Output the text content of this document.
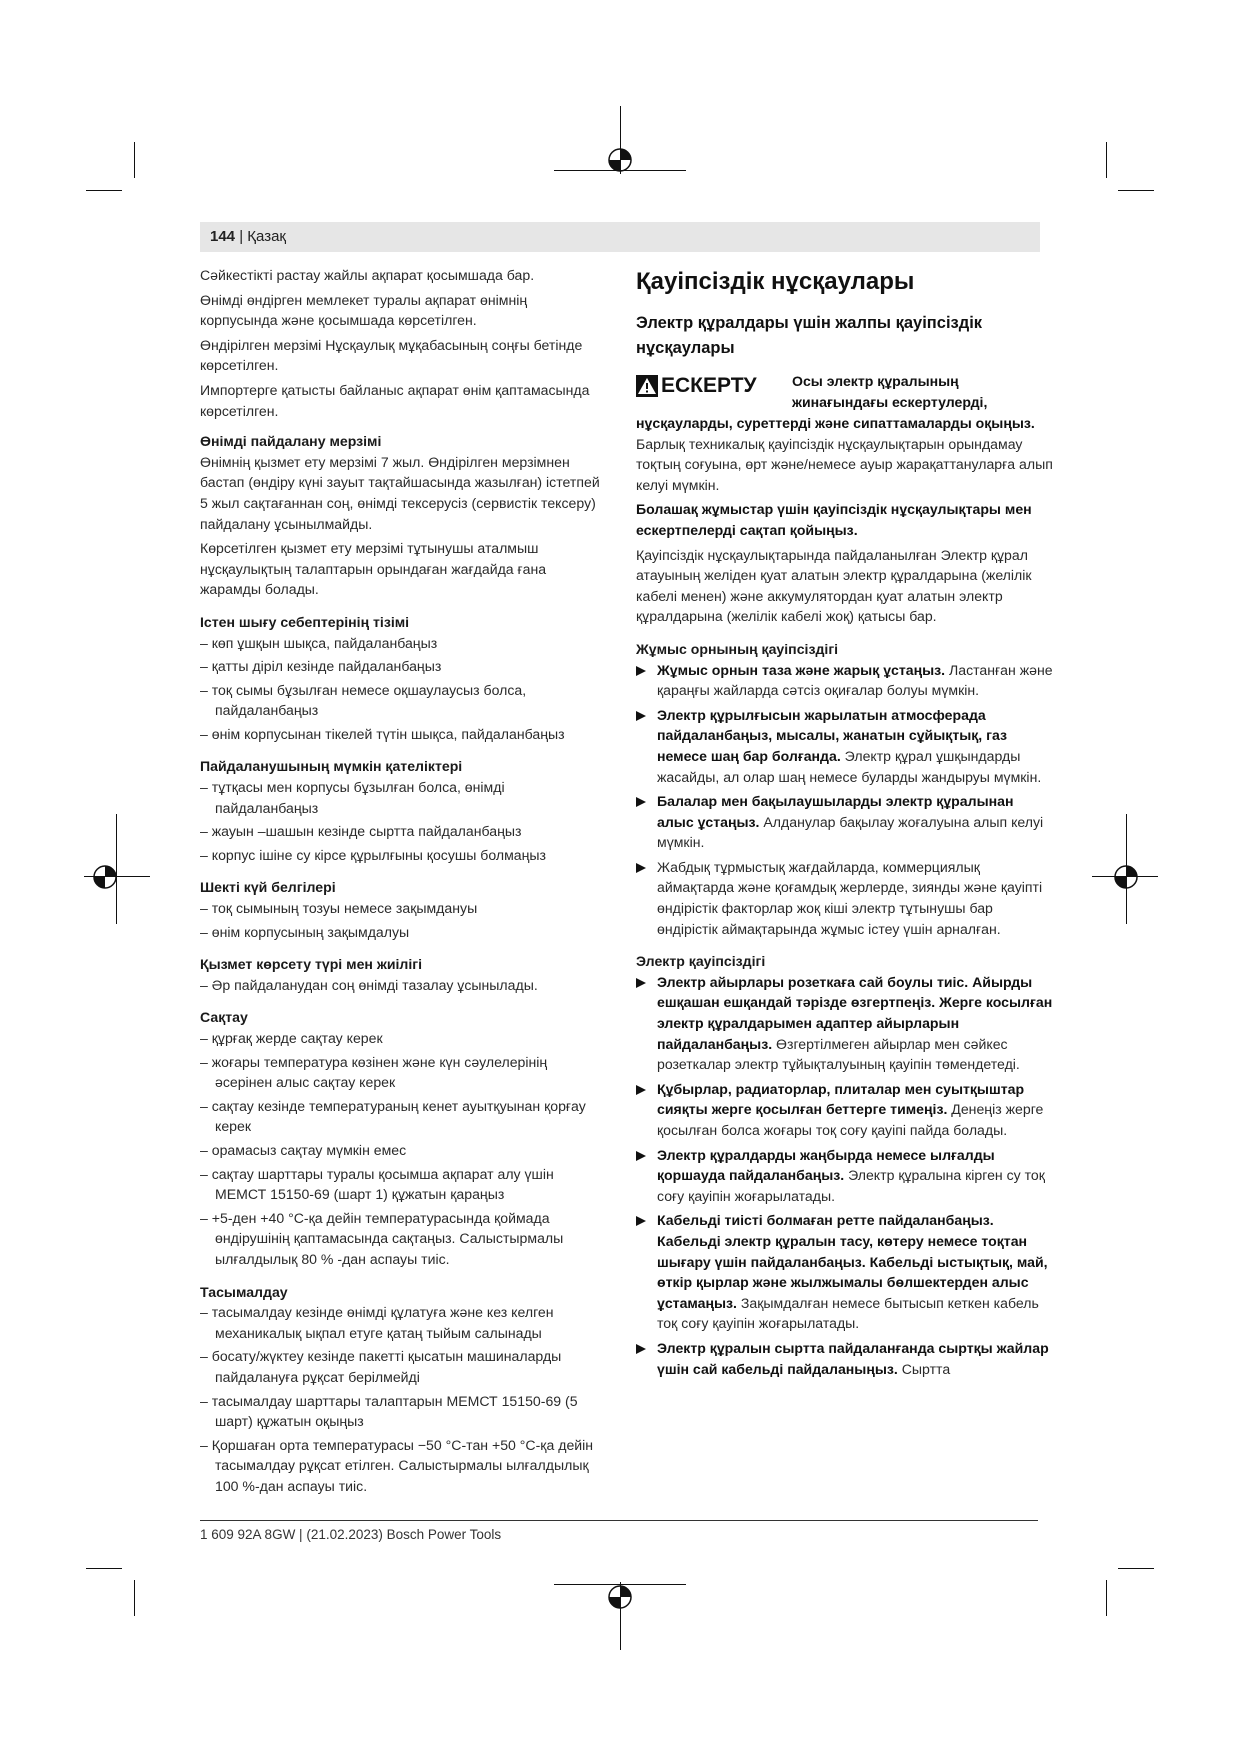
144 | Қазақ
Сәйкестікті растау жайлы ақпарат қосымшада бар.
Өнімді өндірген мемлекет туралы ақпарат өнімнің корпусында және қосымшада көрсетілген.
Өндірілген мерзімі Нұсқаулық мұқабасының соңғы бетінде көрсетілген.
Импортерге қатысты байланыс ақпарат өнім қаптамасында көрсетілген.
Өнімді пайдалану мерзімі
Өнімнің қызмет ету мерзімі 7 жыл. Өндірілген мерзімнен бастап (өндіру күні зауыт тақтайшасында жазылған) істетпей 5 жыл сақтағаннан соң, өнімді тексерусіз (сервистік тексеру) пайдалану ұсынылмайды.
Көрсетілген қызмет ету мерзімі тұтынушы аталмыш нұсқаулықтың талаптарын орындаған жағдайда ғана жарамды болады.
Істен шығу себептерінің тізімі
– көп ұшқын шықса, пайдаланбаңыз
– қатты діріл кезінде пайдаланбаңыз
– тоқ сымы бұзылған немесе оқшаулаусыз болса, пайдаланбаңыз
– өнім корпусынан тікелей түтін шықса, пайдаланбаңыз
Пайдаланушының мүмкін қателіктері
– тұтқасы мен корпусы бұзылған болса, өнімді пайдаланбаңыз
– жауын –шашын кезінде сыртта пайдаланбаңыз
– корпус ішіне су кірсе құрылғыны қосушы болмаңыз
Шекті күй белгілері
– тоқ сымының тозуы немесе зақымдануы
– өнім корпусының зақымдалуы
Қызмет көрсету түрі мен жиілігі
– Әр пайдаланудан соң өнімді тазалау ұсынылады.
Сақтау
– құрғақ жерде сақтау керек
– жоғары температура көзінен және күн сәулелерінің әсерінен алыс сақтау керек
– сақтау кезінде температураның кенет ауытқуынан қорғау керек
– орамасыз сақтау мүмкін емес
– сақтау шарттары туралы қосымша ақпарат алу үшін МЕМСТ 15150-69 (шарт 1) құжатын қараңыз
– +5-ден +40 °C-қа дейін температурасында қоймада өндірушінің қаптамасында сақтаңыз. Салыстырмалы ылғалдылық 80 % -дан аспауы тиіс.
Тасымалдау
– тасымалдау кезінде өнімді құлатуға және кез келген механикалық ықпал етуге қатаң тыйым салынады
– босату/жүктеу кезінде пакетті қысатын машиналарды пайдалануға рұқсат берілмейді
– тасымалдау шарттары талаптарын МЕМСТ 15150-69 (5 шарт) құжатын оқыңыз
– Қоршаған орта температурасы −50 °C-тан +50 °C-қа дейін тасымалдау рұқсат етілген. Салыстырмалы ылғалдылық 100 %-дан аспауы тиіс.
Қауіпсіздік нұсқаулары
Электр құралдары үшін жалпы қауіпсіздік нұсқаулары
ЕСКЕРТУ	Осы электр құралының жинағындағы ескертулерді,
нұсқауларды, суреттерді және сипаттамаларды оқыңыз. Барлық техникалық қауіпсіздік нұсқаулықтарын орындамау тоқтың соғуына, өрт және/немесе ауыр жарақаттануларға алып келуі мүмкін.
Болашақ жұмыстар үшін қауіпсіздік нұсқаулықтары мен ескертпелерді сақтап қойыңыз.
Қауіпсіздік нұсқаулықтарында пайдаланылған Электр құрал атауының желіден қуат алатын электр құралдарына (желілік кабелі менен) және аккумулятордан қуат алатын электр құралдарына (желілік кабелі жоқ) қатысы бар.
Жұмыс орнының қауіпсіздігі
Жұмыс орнын таза және жарық ұстаңыз. Ластанған және қараңғы жайларда сәтсіз оқиғалар болуы мүмкін.
Электр құрылғысын жарылатын атмосферада пайдаланбаңыз, мысалы, жанатын сұйықтық, газ немесе шаң бар болғанда. Электр құрал ұшқындарды жасайды, ал олар шаң немесе буларды жандыруы мүмкін.
Балалар мен бақылаушыларды электр құралынан алыс ұстаңыз. Алданулар бақылау жоғалуына алып келуі мүмкін.
Жабдық тұрмыстық жағдайларда, коммерциялық аймақтарда және қоғамдық жерлерде, зиянды және қауіпті өндірістік факторлар жоқ кіші электр тұтынушы бар өндірістік аймақтарында жұмыс істеу үшін арналған.
Электр қауіпсіздігі
Электр айырлары розеткаға сай боулы тиіс. Айырды ешқашан ешқандай тәрізде өзгертпеңіз. Жерге косылған электр құралдарымен адаптер айырларын пайдаланбаңыз. Өзгертілмеген айырлар мен сәйкес розеткалар электр тұйықталуының қауіпін төмендетеді.
Құбырлар, радиаторлар, плиталар мен суытқыштар сияқты жерге қосылған беттерге тимеңіз. Денеңіз жерге қосылған болса жоғары тоқ соғу қауіпі пайда болады.
Электр құралдарды жаңбырда немесе ылғалды қоршауда пайдаланбаңыз. Электр құралына кірген су тоқ соғу қауіпін жоғарылатады.
Кабельді тиісті болмаған ретте пайдаланбаңыз. Кабельді электр құралын тасу, көтеру немесе тоқтан шығару үшін пайдаланбаңыз. Кабельді ыстықтық, май, өткір қырлар және жылжымалы бөлшектерден алыс ұстамаңыз. Зақымдалған немесе бытысып кеткен кабель тоқ соғу қауіпін жоғарылатады.
Электр құралын сыртта пайдаланғанда сыртқы жайлар үшін сай кабельді пайдаланыңыз. Сыртта
1 609 92A 8GW | (21.02.2023) Bosch Power Tools
